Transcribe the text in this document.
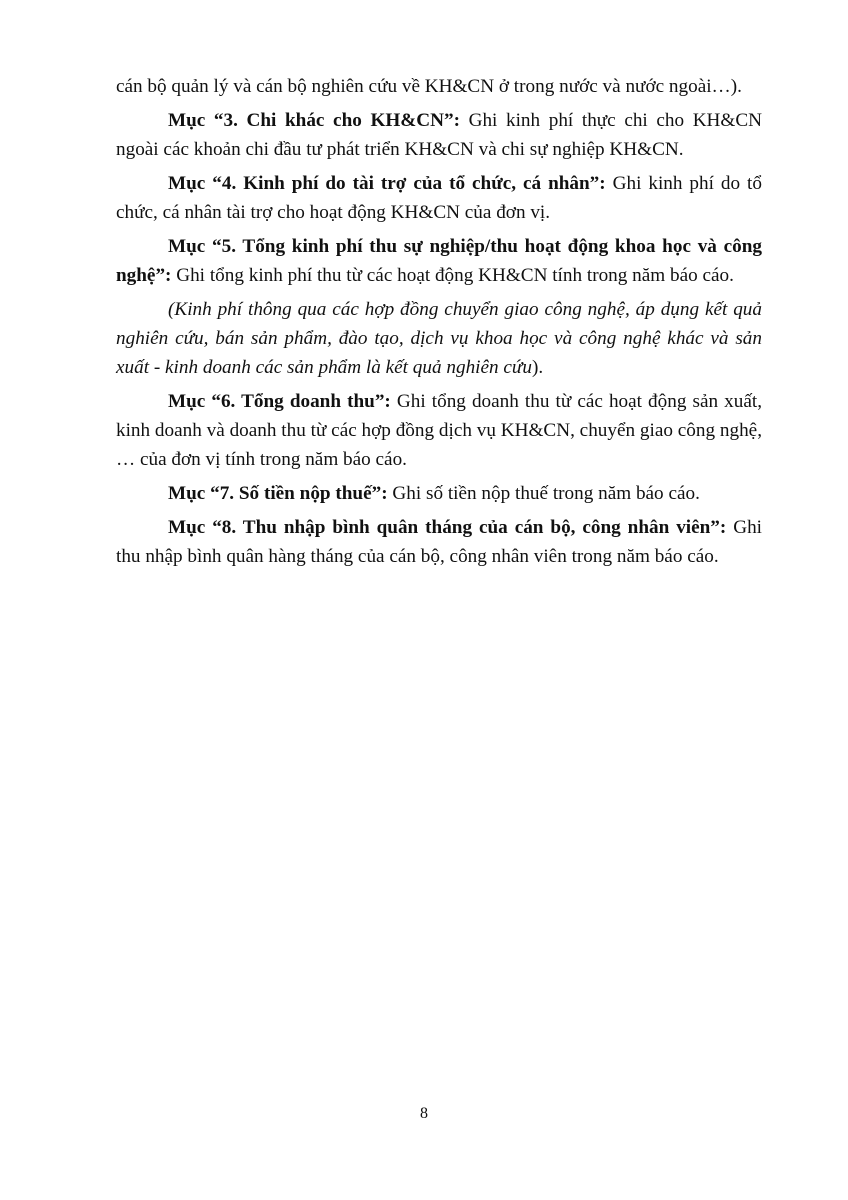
cán bộ quản lý và cán bộ nghiên cứu về KH&CN ở trong nước và nước ngoài…).

Mục “3. Chi khác cho KH&CN”: Ghi kinh phí thực chi cho KH&CN ngoài các khoản chi đầu tư phát triển KH&CN và chi sự nghiệp KH&CN.

Mục “4. Kinh phí do tài trợ của tổ chức, cá nhân”: Ghi kinh phí do tổ chức, cá nhân tài trợ cho hoạt động KH&CN của đơn vị.

Mục “5. Tổng kinh phí thu sự nghiệp/thu hoạt động khoa học và công nghệ”: Ghi tổng kinh phí thu từ các hoạt động KH&CN tính trong năm báo cáo.

(Kinh phí thông qua các hợp đồng chuyển giao công nghệ, áp dụng kết quả nghiên cứu, bán sản phẩm, đào tạo, dịch vụ khoa học và công nghệ khác và sản xuất - kinh doanh các sản phẩm là kết quả nghiên cứu).

Mục “6. Tổng doanh thu”: Ghi tổng doanh thu từ các hoạt động sản xuất, kinh doanh và doanh thu từ các hợp đồng dịch vụ KH&CN, chuyển giao công nghệ, … của đơn vị tính trong năm báo cáo.

Mục “7. Số tiền nộp thuế”: Ghi số tiền nộp thuế trong năm báo cáo.

Mục “8. Thu nhập bình quân tháng của cán bộ, công nhân viên”: Ghi thu nhập bình quân hàng tháng của cán bộ, công nhân viên trong năm báo cáo.

8
